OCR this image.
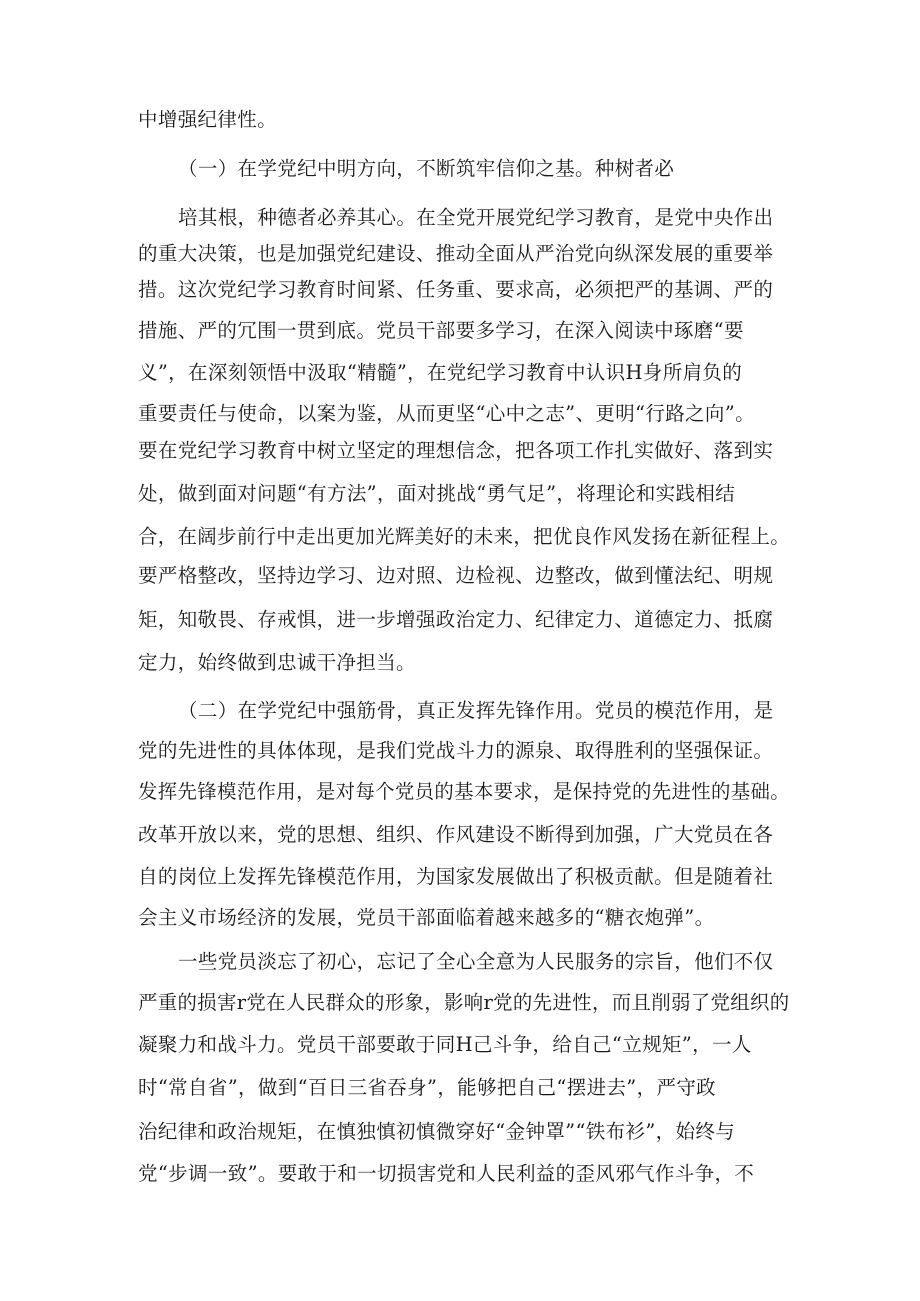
中增强纪律性。
（一）在学党纪中明方向，不断筑牢信仰之基。种树者必
培其根，种德者必养其心。在全党开展党纪学习教育，是党中央作出
的重大决策，也是加强党纪建设、推动全面从严治党向纵深发展的重要举
措。这次党纪学习教育时间紧、任务重、要求高，必须把严的基调、严的
措施、严的冗围一贯到底。党员干部要多学习，在深入阅读中琢磨“要
义”，在深刻领悟中汲取“精髓”，在党纪学习教育中认识H身所肩负的
重要责任与使命，以案为鉴，从而更坚“心中之志”、更明“行路之向”。
要在党纪学习教育中树立坚定的理想信念，把各项工作扎实做好、落到实
处，做到面对问题“有方法”，面对挑战“勇气足”，将理论和实践相结
合，在阔步前行中走出更加光辉美好的未来，把优良作风发扬在新征程上。
要严格整改，坚持边学习、边对照、边检视、边整改，做到懂法纪、明规
矩，知敬畏、存戒惧，进一步增强政治定力、纪律定力、道德定力、抵腐
定力，始终做到忠诚干净担当。
（二）在学党纪中强筋骨，真正发挥先锋作用。党员的模范作用，是
党的先进性的具体体现，是我们党战斗力的源泉、取得胜利的坚强保证。
发挥先锋模范作用，是对每个党员的基本要求，是保持党的先进性的基础。
改革开放以来，党的思想、组织、作风建设不断得到加强，广大党员在各
自的岗位上发挥先锋模范作用，为国家发展做出了积极贡献。但是随着社
会主义市场经济的发展，党员干部面临着越来越多的“糖衣炮弹”。
一些党员淡忘了初心，忘记了全心全意为人民服务的宗旨，他们不仅
严重的损害r党在人民群众的形象，影响r党的先进性，而且削弱了党组织的
凝聚力和战斗力。党员干部要敢于同H己斗争，给自己“立规矩”，一人
时“常自省”，做到“百日三省吞身”，能够把自己“摆进去”，严守政
治纪律和政治规矩，在慎独慎初慎微穿好“金钟罩”“铁布衫”，始终与
党“步调一致”。要敢于和一切损害党和人民利益的歪风邪气作斗争，不
